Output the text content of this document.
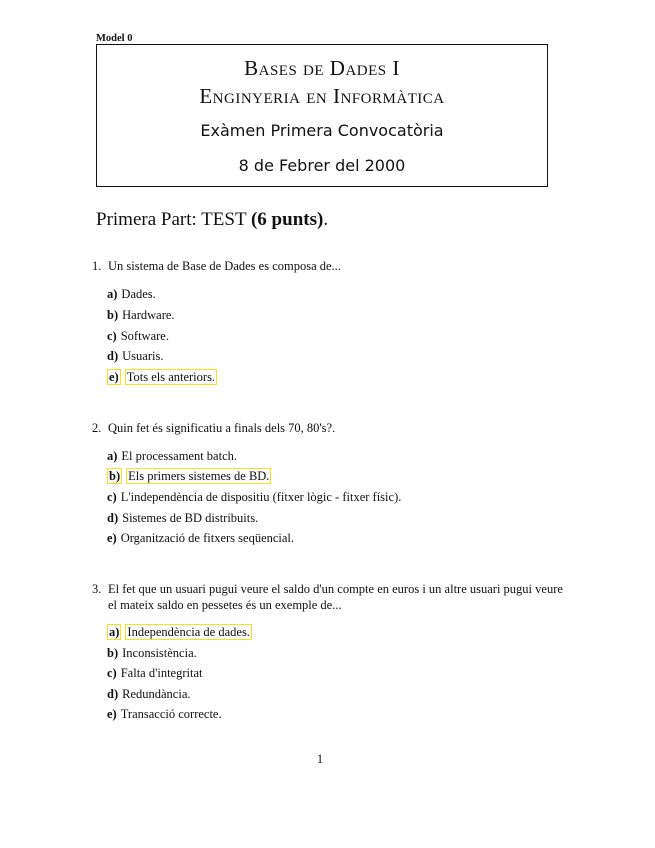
Model 0
Bases de Dades I
Enginyeria en Informàtica
Exàmen Primera Convocatòria
8 de Febrer del 2000
Primera Part: TEST (6 punts).
1. Un sistema de Base de Dades es composa de...
a) Dades.
b) Hardware.
c) Software.
d) Usuaris.
e) Tots els anteriors.
2. Quin fet és significatiu a finals dels 70, 80's?.
a) El processament batch.
b) Els primers sistemes de BD.
c) L'independència de dispositiu (fitxer lògic - fitxer físic).
d) Sistemes de BD distribuits.
e) Organització de fitxers seqüencial.
3. El fet que un usuari pugui veure el saldo d'un compte en euros i un altre usuari pugui veure el mateix saldo en pessetes és un exemple de...
a) Independència de dades.
b) Inconsistència.
c) Falta d'integritat
d) Redundància.
e) Transacció correcte.
1
